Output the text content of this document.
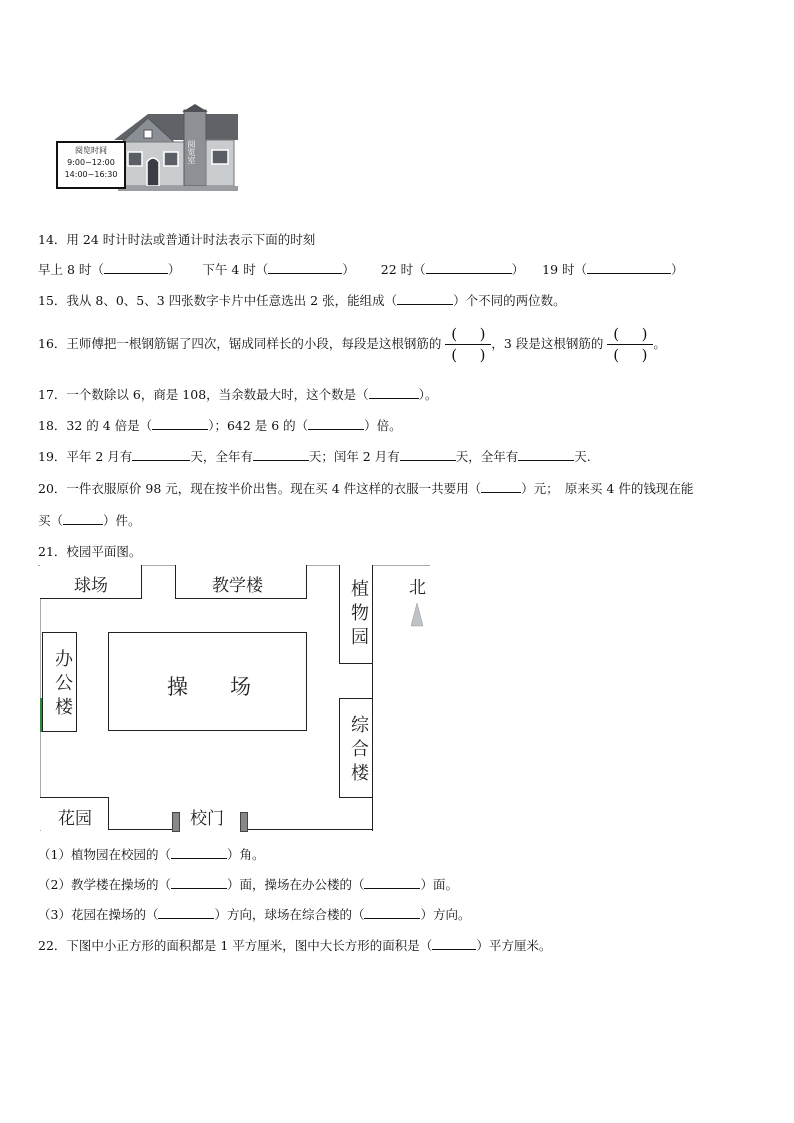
阅览室
阅览时间
9:00~12:00
14:00~16:30
14．用 24 时计时法或普通计时法表示下面的时刻
早上 8 时（	） 下午 4 时（	） 22 时（	） 19 时（	）
15．我从 8、0、5、3 四张数字卡片中任意选出 2 张，能组成（	）个不同的两位数。
16．王师傅把一根钢筋锯了四次，锯成同样长的小段，每段是这根钢筋的 $\frac{( )}{( )}$ ，3 段是这根钢筋的 $\frac{( )}{( )}$ 。
17．一个数除以 6，商是 108，当余数最大时，这个数是（	）。
18．32 的 4 倍是（	）；642 是 6 的（	）倍。
19．平年 2 月有	天，全年有	天；闰年 2 月有	天，全年有	天.
20．一件衣服原价 98 元，现在按半价出售。现在买 4 件这样的衣服一共要用（	）元；　原来买 4 件的钱现在能
买（	）件。
21．校园平面图。
球场	教学楼	植物园 北
办公楼	操　　场
综合楼
花园	校门
（1）植物园在校园的（	）角。
（2）教学楼在操场的（	）面，操场在办公楼的（	）面。
（3）花园在操场的（	）方向，球场在综合楼的（	）方向。
22．下图中小正方形的面积都是 1 平方厘米，图中大长方形的面积是（	）平方厘米。
